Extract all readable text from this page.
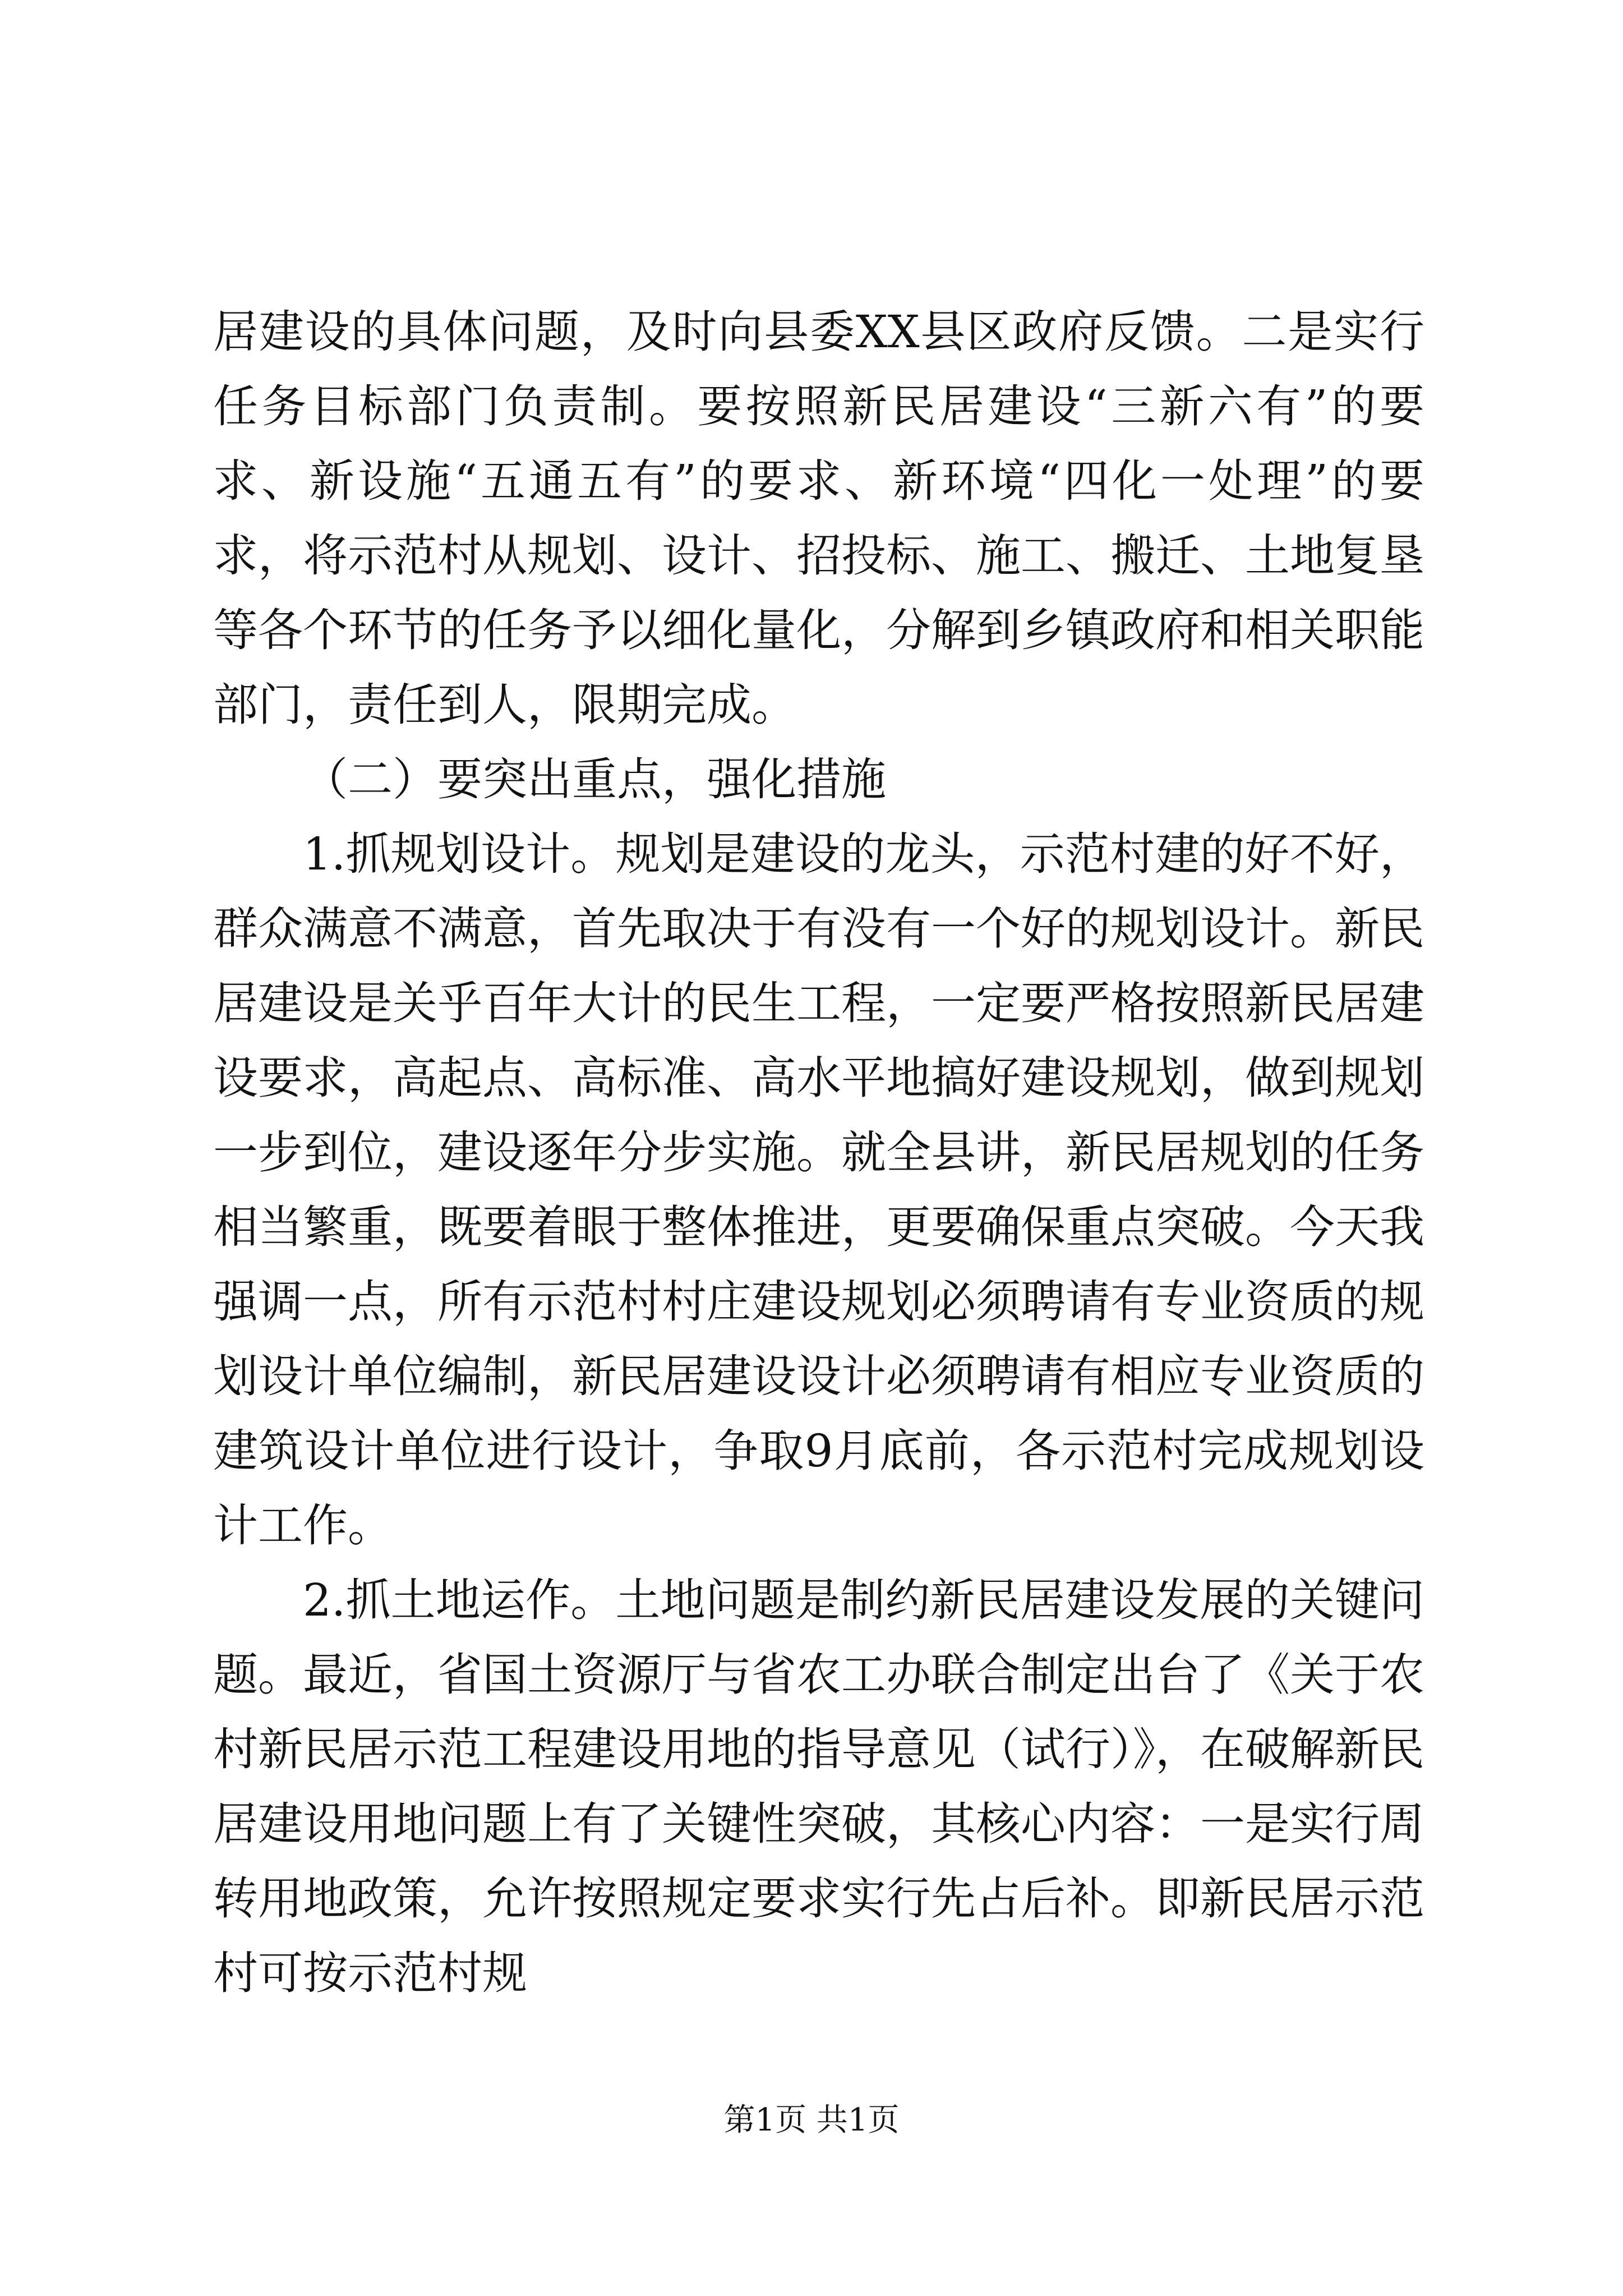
居建设的具体问题，及时向县委XX县区政府反馈。二是实行任务目标部门负责制。要按照新民居建设“三新六有”的要求、新设施“五通五有”的要求、新环境“四化一处理”的要求，将示范村从规划、设计、招投标、施工、搬迁、土地复垦等各个环节的任务予以细化量化，分解到乡镇政府和相关职能部门，责任到人，限期完成。

（二）要突出重点，强化措施

1.抓规划设计。规划是建设的龙头，示范村建的好不好，群众满意不满意，首先取决于有没有一个好的规划设计。新民居建设是关乎百年大计的民生工程，一定要严格按照新民居建设要求，高起点、高标准、高水平地搞好建设规划，做到规划一步到位，建设逐年分步实施。就全县讲，新民居规划的任务相当繁重，既要着眼于整体推进，更要确保重点突破。今天我强调一点，所有示范村村庄建设规划必须聘请有专业资质的规划设计单位编制，新民居建设设计必须聘请有相应专业资质的建筑设计单位进行设计，争取9月底前，各示范村完成规划设计工作。

2.抓土地运作。土地问题是制约新民居建设发展的关键问题。最近，省国土资源厅与省农工办联合制定出台了《关于农村新民居示范工程建设用地的指导意见（试行）》，在破解新民居建设用地问题上有了关键性突破，其核心内容：一是实行周转用地政策，允许按照规定要求实行先占后补。即新民居示范村可按示范村规

第1页 共1页
